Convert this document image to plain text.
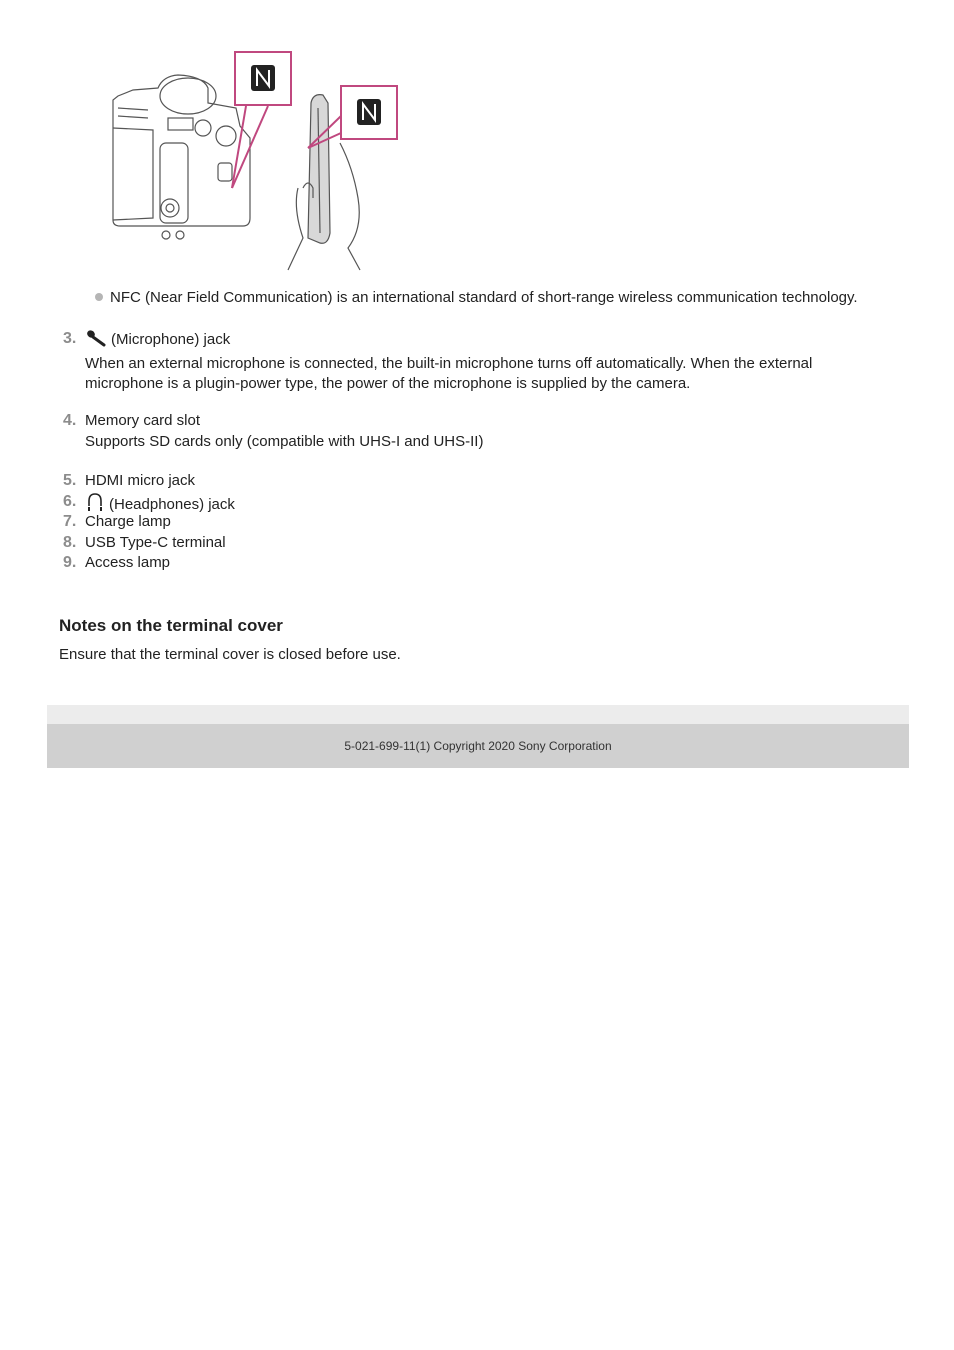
NFC (Near Field Communication) is an international standard of short-range wireless communication technology.
3.	(Microphone) jack
When an external microphone is connected, the built-in microphone turns off automatically. When the external microphone is a plugin-power type, the power of the microphone is supplied by the camera.
4. Memory card slot
Supports SD cards only (compatible with UHS-I and UHS-II)
5. HDMI micro jack
6.	(Headphones) jack
7. Charge lamp
8. USB Type-C terminal
9. Access lamp
Notes on the terminal cover
Ensure that the terminal cover is closed before use.
5-021-699-11(1) Copyright 2020 Sony Corporation
